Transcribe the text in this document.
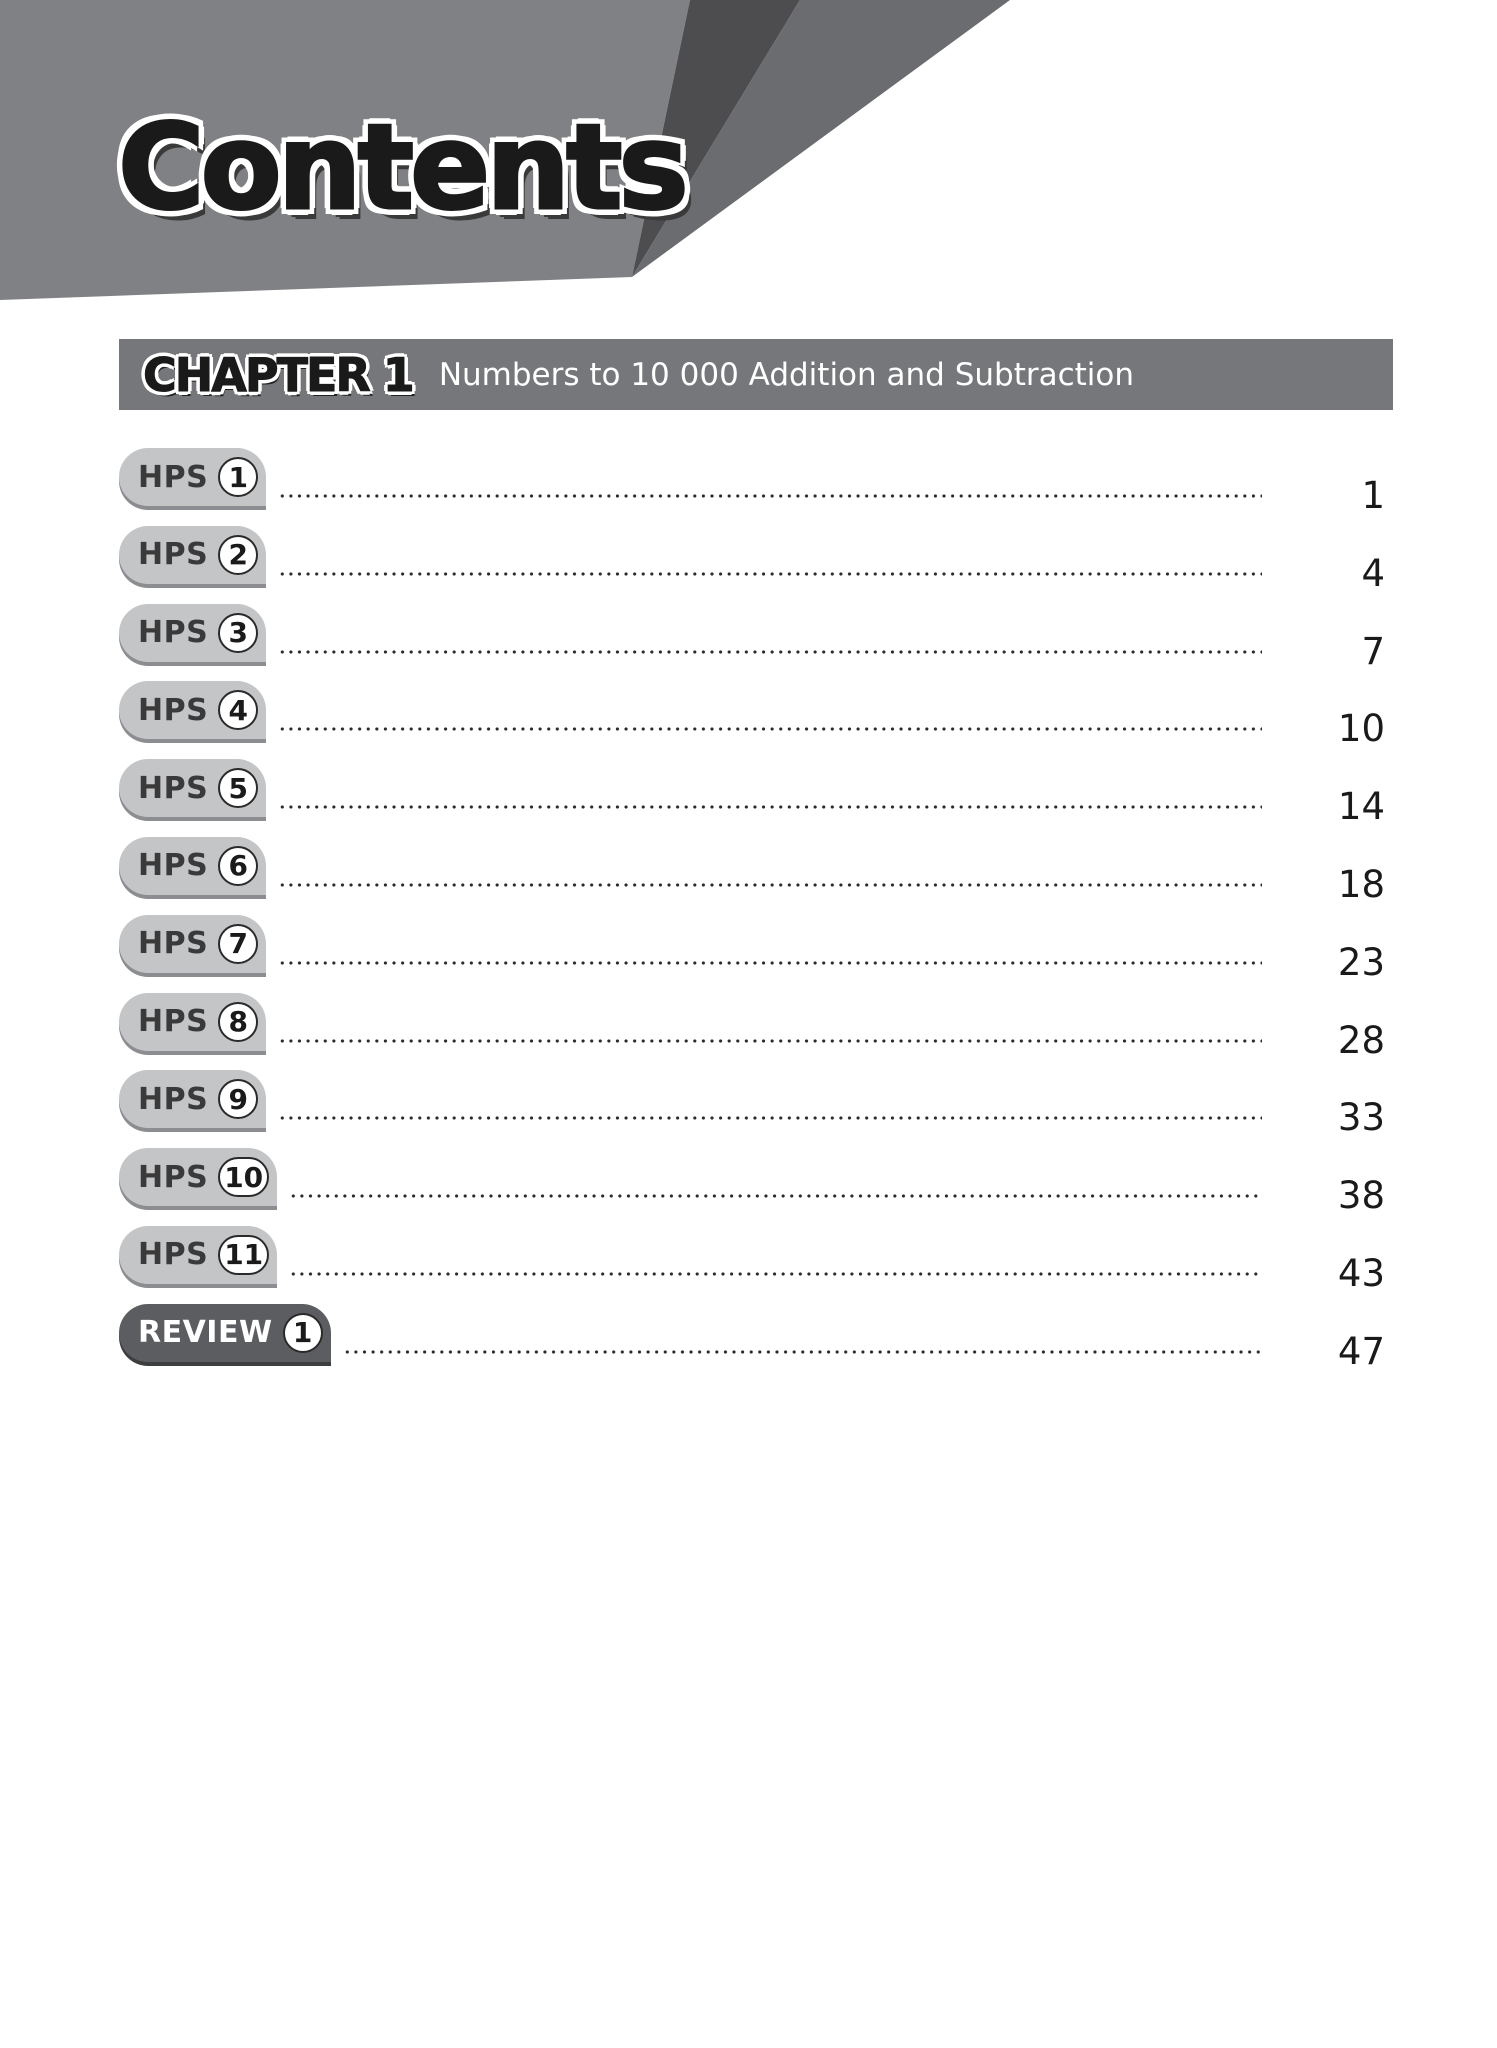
Contents
CHAPTER 1 Numbers to 10 000 Addition and Subtraction
HPS 1	1
HPS 2	4
HPS 3	7
HPS 4	10
HPS 5	14
HPS 6	18
HPS 7	23
HPS 8	28
HPS 9	33
HPS 10	38
HPS 11	43
REVIEW 1	47
